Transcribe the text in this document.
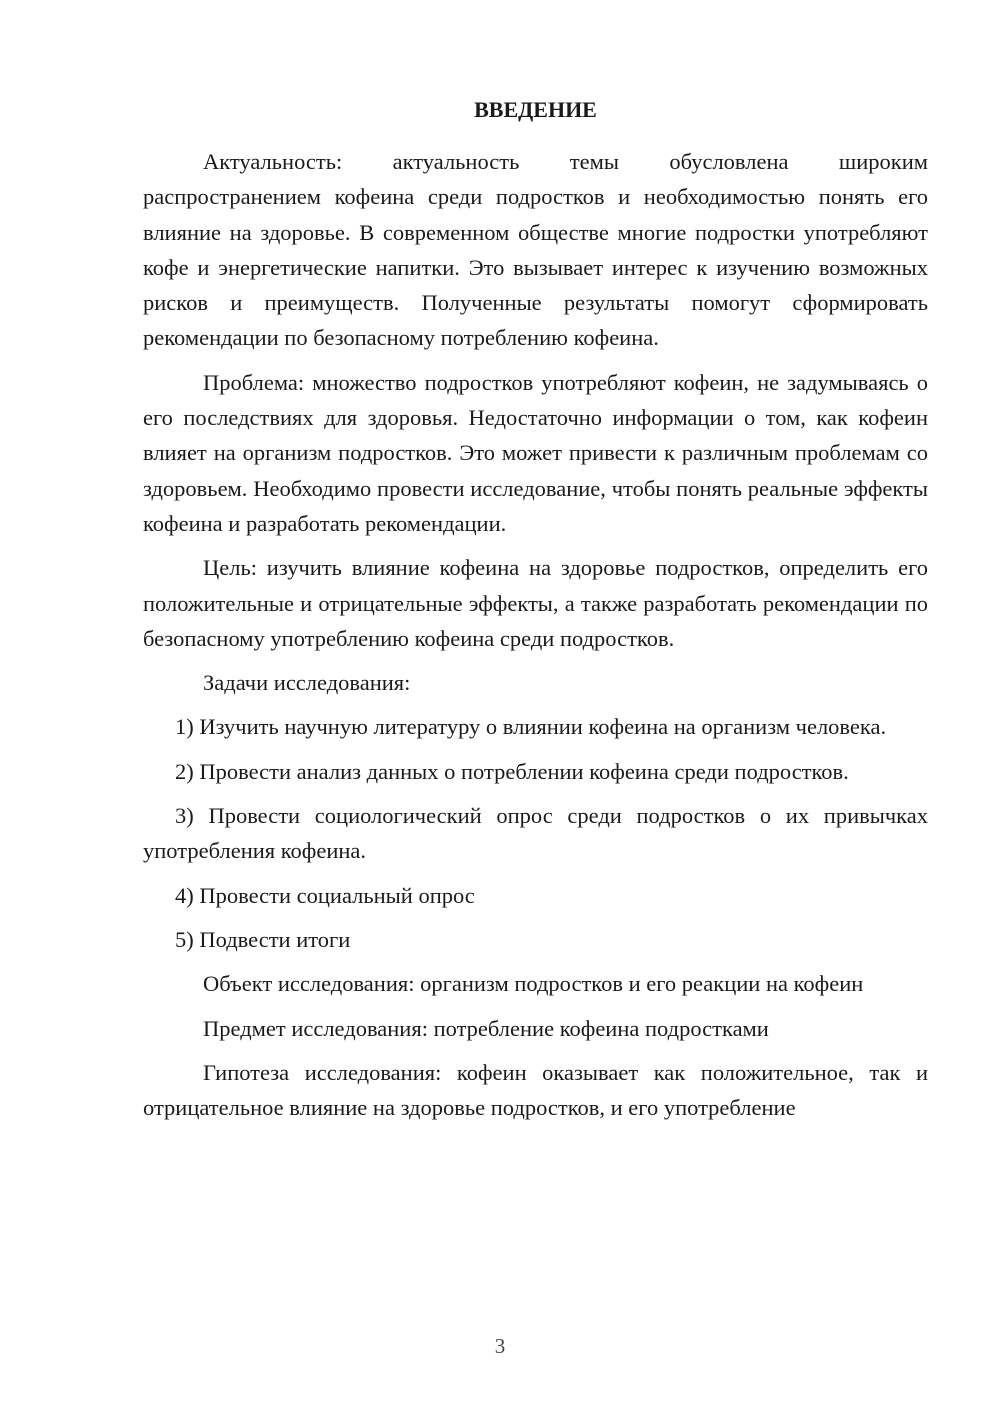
ВВЕДЕНИЕ

Актуальность: актуальность темы обусловлена широким распространением кофеина среди подростков и необходимостью понять его влияние на здоровье. В современном обществе многие подростки употребляют кофе и энергетические напитки. Это вызывает интерес к изучению возможных рисков и преимуществ. Полученные результаты помогут сформировать рекомендации по безопасному потреблению кофеина.

Проблема: множество подростков употребляют кофеин, не задумываясь о его последствиях для здоровья. Недостаточно информации о том, как кофеин влияет на организм подростков. Это может привести к различным проблемам со здоровьем. Необходимо провести исследование, чтобы понять реальные эффекты кофеина и разработать рекомендации.

Цель: изучить влияние кофеина на здоровье подростков, определить его положительные и отрицательные эффекты, а также разработать рекомендации по безопасному употреблению кофеина среди подростков.

Задачи исследования:

1) Изучить научную литературу о влиянии кофеина на организм человека.

2) Провести анализ данных о потреблении кофеина среди подростков.

3) Провести социологический опрос среди подростков о их привычках употребления кофеина.

4) Провести социальный опрос

5) Подвести итоги

Объект исследования: организм подростков и его реакции на кофеин

Предмет исследования: потребление кофеина подростками

Гипотеза исследования: кофеин оказывает как положительное, так и отрицательное влияние на здоровье подростков, и его употребление

3
